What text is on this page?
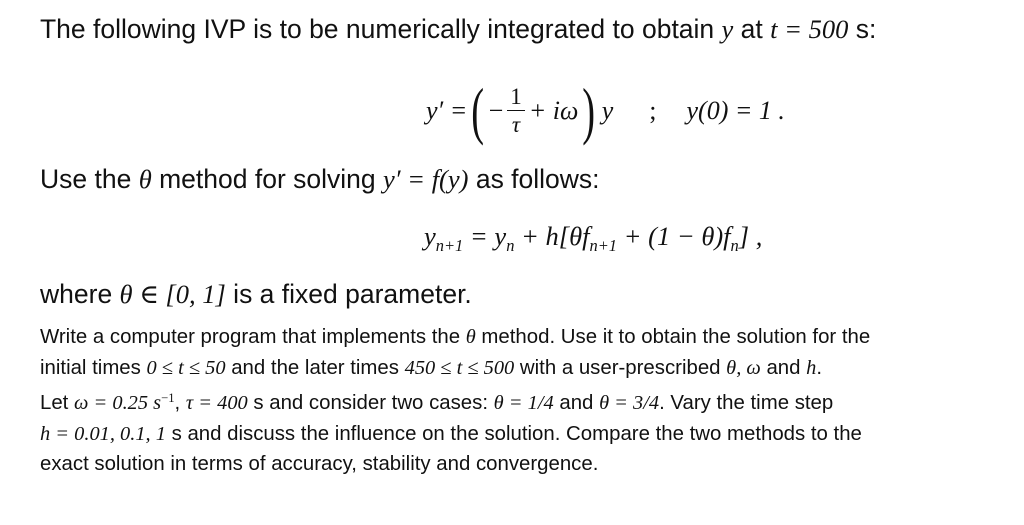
The following IVP is to be numerically integrated to obtain y at t = 500 s:
y′ = ( − $\frac{1}{\tau} + i\omega$ ) y ; y(0) = 1 .
Use the θ method for solving y′ = f(y) as follows:
$y_{n+1} = y_n + h[\theta f_{n+1} + (1 - \theta)f_n]$ ,
where θ ∈ [0, 1] is a fixed parameter.
Write a computer program that implements the θ method. Use it to obtain the solution for the
initial times 0 ≤ t ≤ 50 and the later times 450 ≤ t ≤ 500 with a user-prescribed θ, ω and h.
Let ω = 0.25 $s^{-1}$, τ = 400 s and consider two cases: θ = 1/4 and θ = 3/4. Vary the time step
h = 0.01, 0.1, 1 s and discuss the influence on the solution. Compare the two methods to the
exact solution in terms of accuracy, stability and convergence.
